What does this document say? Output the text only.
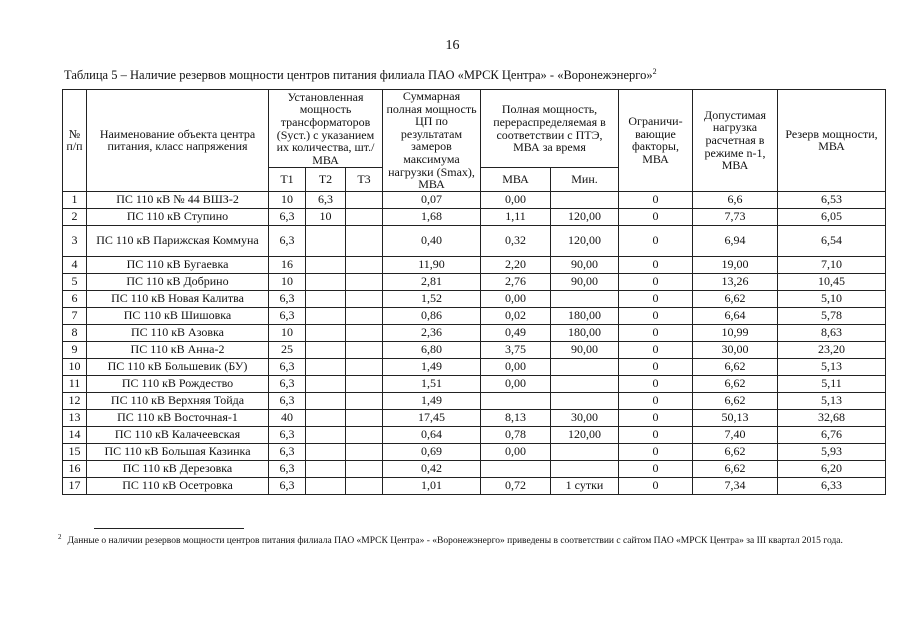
16
Таблица 5 – Наличие резервов мощности центров питания филиала ПАО «МРСК Центра» - «Воронежэнерго»$^2$
№ п/п	Наименование объекта центра питания, класс напряжения	Установленная мощность трансформаторов (Sуст.) с указанием их количества, шт./МВА			Суммарная полная мощность ЦП по результатам замеров максимума нагрузки (Smax), МВА	Полная мощность, перераспределяемая в соответствии с ПТЭ, МВА за время		Ограничи-вающие факторы, МВА	Допустимая нагрузка расчетная в режиме n-1, МВА	Резерв мощности, МВА
		Т1	Т2	Т3		МВА	Мин.			
1	ПС 110 кВ № 44 ВШЗ-2	10	6,3		0,07	0,00		0	6,6	6,53
2	ПС 110 кВ Ступино	6,3	10		1,68	1,11	120,00	0	7,73	6,05
3	ПС 110 кВ Парижская Коммуна	6,3			0,40	0,32	120,00	0	6,94	6,54
4	ПС 110 кВ Бугаевка	16			11,90	2,20	90,00	0	19,00	7,10
5	ПС 110 кВ Добрино	10			2,81	2,76	90,00	0	13,26	10,45
6	ПС 110 кВ Новая Калитва	6,3			1,52	0,00		0	6,62	5,10
7	ПС 110 кВ Шишовка	6,3			0,86	0,02	180,00	0	6,64	5,78
8	ПС 110 кВ Азовка	10			2,36	0,49	180,00	0	10,99	8,63
9	ПС 110 кВ Анна-2	25			6,80	3,75	90,00	0	30,00	23,20
10	ПС 110 кВ Большевик (БУ)	6,3			1,49	0,00		0	6,62	5,13
11	ПС 110 кВ Рождество	6,3			1,51	0,00		0	6,62	5,11
12	ПС 110 кВ Верхняя Тойда	6,3			1,49			0	6,62	5,13
13	ПС 110 кВ Восточная-1	40			17,45	8,13	30,00	0	50,13	32,68
14	ПС 110 кВ Калачеевская	6,3			0,64	0,78	120,00	0	7,40	6,76
15	ПС 110 кВ Большая Казинка	6,3			0,69	0,00		0	6,62	5,93
16	ПС 110 кВ Дерезовка	6,3			0,42			0	6,62	6,20
17	ПС 110 кВ Осетровка	6,3			1,01	0,72	1 сутки	0	7,34	6,33
$^2$ Данные о наличии резервов мощности центров питания филиала ПАО «МРСК Центра» - «Воронежэнерго» приведены в соответствии с сайтом ПАО «МРСК Центра» за III квартал 2015 года.
